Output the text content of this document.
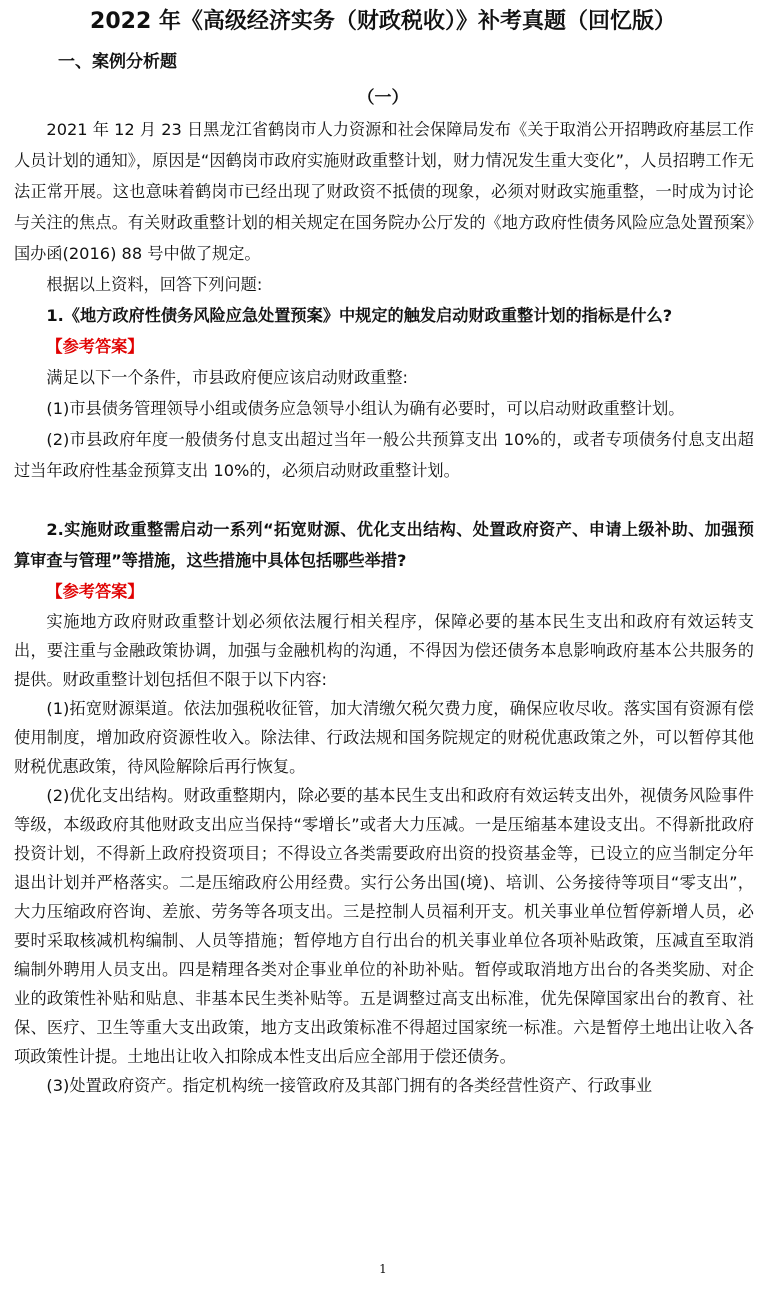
2022 年《高级经济实务（财政税收）》补考真题（回忆版）
一、案例分析题
（一）

2021 年 12 月 23 日黑龙江省鹤岗市人力资源和社会保障局发布《关于取消公开招聘政府基层工作人员计划的通知》，原因是“因鹤岗市政府实施财政重整计划，财力情况发生重大变化”，人员招聘工作无法正常开展。这也意味着鹤岗市已经出现了财政资不抵债的现象，必须对财政实施重整，一时成为讨论与关注的焦点。有关财政重整计划的相关规定在国务院办公厅发的《地方政府性债务风险应急处置预案》国办函(2016) 88 号中做了规定。

根据以上资料，回答下列问题:

1.《地方政府性债务风险应急处置预案》中规定的触发启动财政重整计划的指标是什么?

【参考答案】

满足以下一个条件，市县政府便应该启动财政重整:

(1)市县债务管理领导小组或债务应急领导小组认为确有必要时，可以启动财政重整计划。

(2)市县政府年度一般债务付息支出超过当年一般公共预算支出 10%的，或者专项债务付息支出超过当年政府性基金预算支出 10%的，必须启动财政重整计划。

2.实施财政重整需启动一系列“拓宽财源、优化支出结构、处置政府资产、申请上级补助、加强预算审查与管理”等措施，这些措施中具体包括哪些举措?

【参考答案】

实施地方政府财政重整计划必须依法履行相关程序，保障必要的基本民生支出和政府有效运转支出，要注重与金融政策协调，加强与金融机构的沟通，不得因为偿还债务本息影响政府基本公共服务的提供。财政重整计划包括但不限于以下内容:

(1)拓宽财源渠道。依法加强税收征管，加大清缴欠税欠费力度，确保应收尽收。落实国有资源有偿使用制度，增加政府资源性收入。除法律、行政法规和国务院规定的财税优惠政策之外，可以暂停其他财税优惠政策，待风险解除后再行恢复。

(2)优化支出结构。财政重整期内，除必要的基本民生支出和政府有效运转支出外，视债务风险事件等级，本级政府其他财政支出应当保持“零增长”或者大力压减。一是压缩基本建设支出。不得新批政府投资计划，不得新上政府投资项目；不得设立各类需要政府出资的投资基金等，已设立的应当制定分年退出计划并严格落实。二是压缩政府公用经费。实行公务出国(境)、培训、公务接待等项目“零支出”，大力压缩政府咨询、差旅、劳务等各项支出。三是控制人员福利开支。机关事业单位暂停新增人员，必要时采取核减机构编制、人员等措施；暂停地方自行出台的机关事业单位各项补贴政策，压减直至取消编制外聘用人员支出。四是精理各类对企事业单位的补助补贴。暂停或取消地方出台的各类奖励、对企业的政策性补贴和贴息、非基本民生类补贴等。五是调整过高支出标准，优先保障国家出台的教育、社保、医疗、卫生等重大支出政策，地方支出政策标准不得超过国家统一标准。六是暂停土地出让收入各项政策性计提。土地出让收入扣除成本性支出后应全部用于偿还债务。

(3)处置政府资产。指定机构统一接管政府及其部门拥有的各类经营性资产、行政事业

1
